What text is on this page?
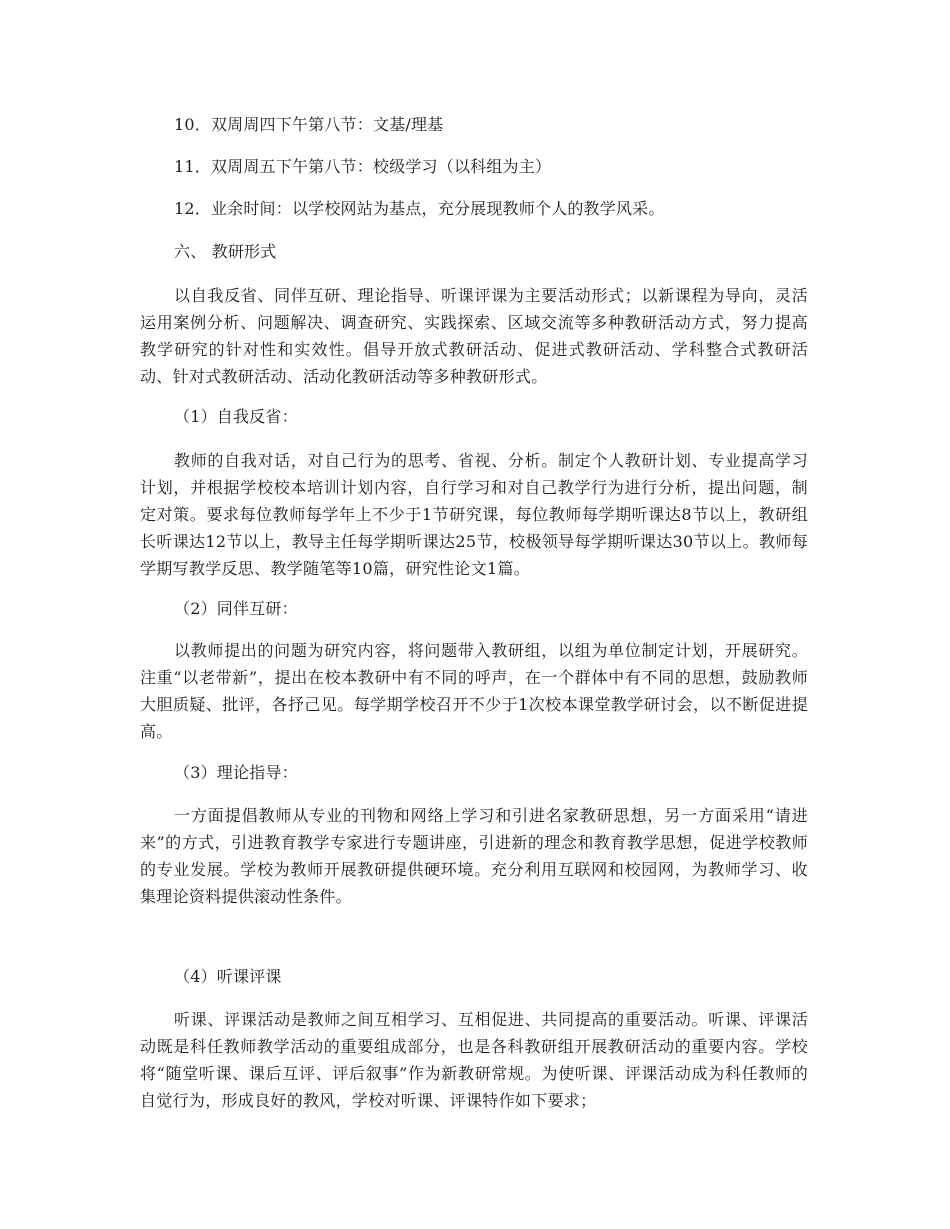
10．双周周四下午第八节：文基/理基
11．双周周五下午第八节：校级学习（以科组为主）
12．业余时间：以学校网站为基点，充分展现教师个人的教学风采。
六、 教研形式
以自我反省、同伴互研、理论指导、听课评课为主要活动形式；以新课程为导向，灵活运用案例分析、问题解决、调查研究、实践探索、区域交流等多种教研活动方式，努力提高教学研究的针对性和实效性。倡导开放式教研活动、促进式教研活动、学科整合式教研活动、针对式教研活动、活动化教研活动等多种教研形式。
（1）自我反省：
教师的自我对话，对自己行为的思考、省视、分析。制定个人教研计划、专业提高学习计划，并根据学校校本培训计划内容，自行学习和对自己教学行为进行分析，提出问题，制定对策。要求每位教师每学年上不少于1节研究课，每位教师每学期听课达8节以上，教研组长听课达12节以上，教导主任每学期听课达25节，校极领导每学期听课达30节以上。教师每学期写教学反思、教学随笔等10篇，研究性论文1篇。
（2）同伴互研：
以教师提出的问题为研究内容，将问题带入教研组，以组为单位制定计划，开展研究。注重“以老带新”，提出在校本教研中有不同的呼声，在一个群体中有不同的思想，鼓励教师大胆质疑、批评，各抒己见。每学期学校召开不少于1次校本课堂教学研讨会，以不断促进提高。
（3）理论指导：
一方面提倡教师从专业的刊物和网络上学习和引进名家教研思想，另一方面采用“请进来”的方式，引进教育教学专家进行专题讲座，引进新的理念和教育教学思想，促进学校教师的专业发展。学校为教师开展教研提供硬环境。充分利用互联网和校园网，为教师学习、收集理论资料提供滚动性条件。
（4）听课评课
听课、评课活动是教师之间互相学习、互相促进、共同提高的重要活动。听课、评课活动既是科任教师教学活动的重要组成部分，也是各科教研组开展教研活动的重要内容。学校将“随堂听课、课后互评、评后叙事”作为新教研常规。为使听课、评课活动成为科任教师的自觉行为，形成良好的教风，学校对听课、评课特作如下要求；
